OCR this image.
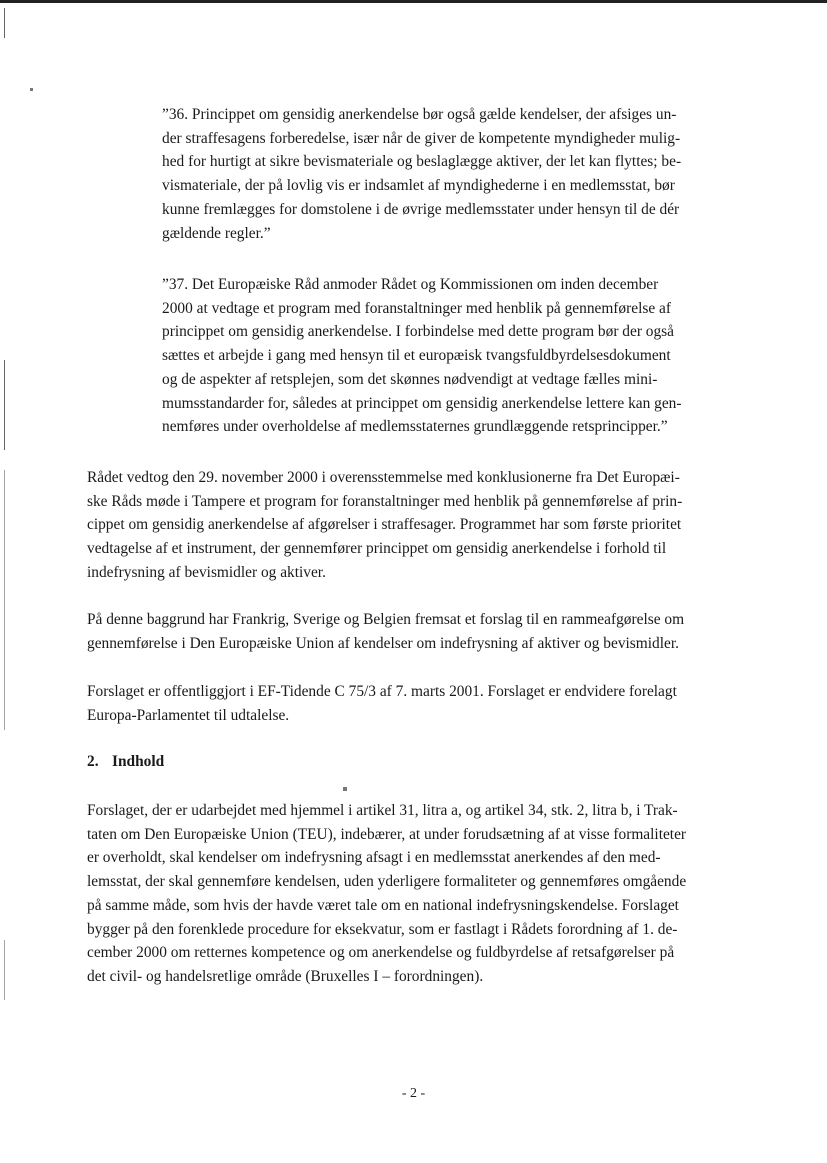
”36. Princippet om gensidig anerkendelse bør også gælde kendelser, der afsiges un-
der straffesagens forberedelse, især når de giver de kompetente myndigheder mulig-
hed for hurtigt at sikre bevismateriale og beslaglægge aktiver, der let kan flyttes; be-
vismateriale, der på lovlig vis er indsamlet af myndighederne i en medlemsstat, bør
kunne fremlægges for domstolene i de øvrige medlemsstater under hensyn til de dér
gældende regler.”

”37. Det Europæiske Råd anmoder Rådet og Kommissionen om inden december
2000 at vedtage et program med foranstaltninger med henblik på gennemførelse af
princippet om gensidig anerkendelse. I forbindelse med dette program bør der også
sættes et arbejde i gang med hensyn til et europæisk tvangsfuldbyrdelsesdokument
og de aspekter af retsplejen, som det skønnes nødvendigt at vedtage fælles mini-
mumsstandarder for, således at princippet om gensidig anerkendelse lettere kan gen-
nemføres under overholdelse af medlemsstaternes grundlæggende retsprincipper.”

Rådet vedtog den 29. november 2000 i overensstemmelse med konklusionerne fra Det Europæi-
ske Råds møde i Tampere et program for foranstaltninger med henblik på gennemførelse af prin-
cippet om gensidig anerkendelse af afgørelser i straffesager. Programmet har som første prioritet
vedtagelse af et instrument, der gennemfører princippet om gensidig anerkendelse i forhold til
indefrysning af bevismidler og aktiver.

På denne baggrund har Frankrig, Sverige og Belgien fremsat et forslag til en rammeafgørelse om
gennemførelse i Den Europæiske Union af kendelser om indefrysning af aktiver og bevismidler.

Forslaget er offentliggjort i EF-Tidende C 75/3 af 7. marts 2001. Forslaget er endvidere forelagt
Europa-Parlamentet til udtalelse.

2. Indhold

Forslaget, der er udarbejdet med hjemmel i artikel 31, litra a, og artikel 34, stk. 2, litra b, i Trak-
taten om Den Europæiske Union (TEU), indebærer, at under forudsætning af at visse formaliteter
er overholdt, skal kendelser om indefrysning afsagt i en medlemsstat anerkendes af den med-
lemsstat, der skal gennemføre kendelsen, uden yderligere formaliteter og gennemføres omgående
på samme måde, som hvis der havde været tale om en national indefrysningskendelse. Forslaget
bygger på den forenklede procedure for eksekvatur, som er fastlagt i Rådets forordning af 1. de-
cember 2000 om retternes kompetence og om anerkendelse og fuldbyrdelse af retsafgørelser på
det civil- og handelsretlige område (Bruxelles I – forordningen).

- 2 -
